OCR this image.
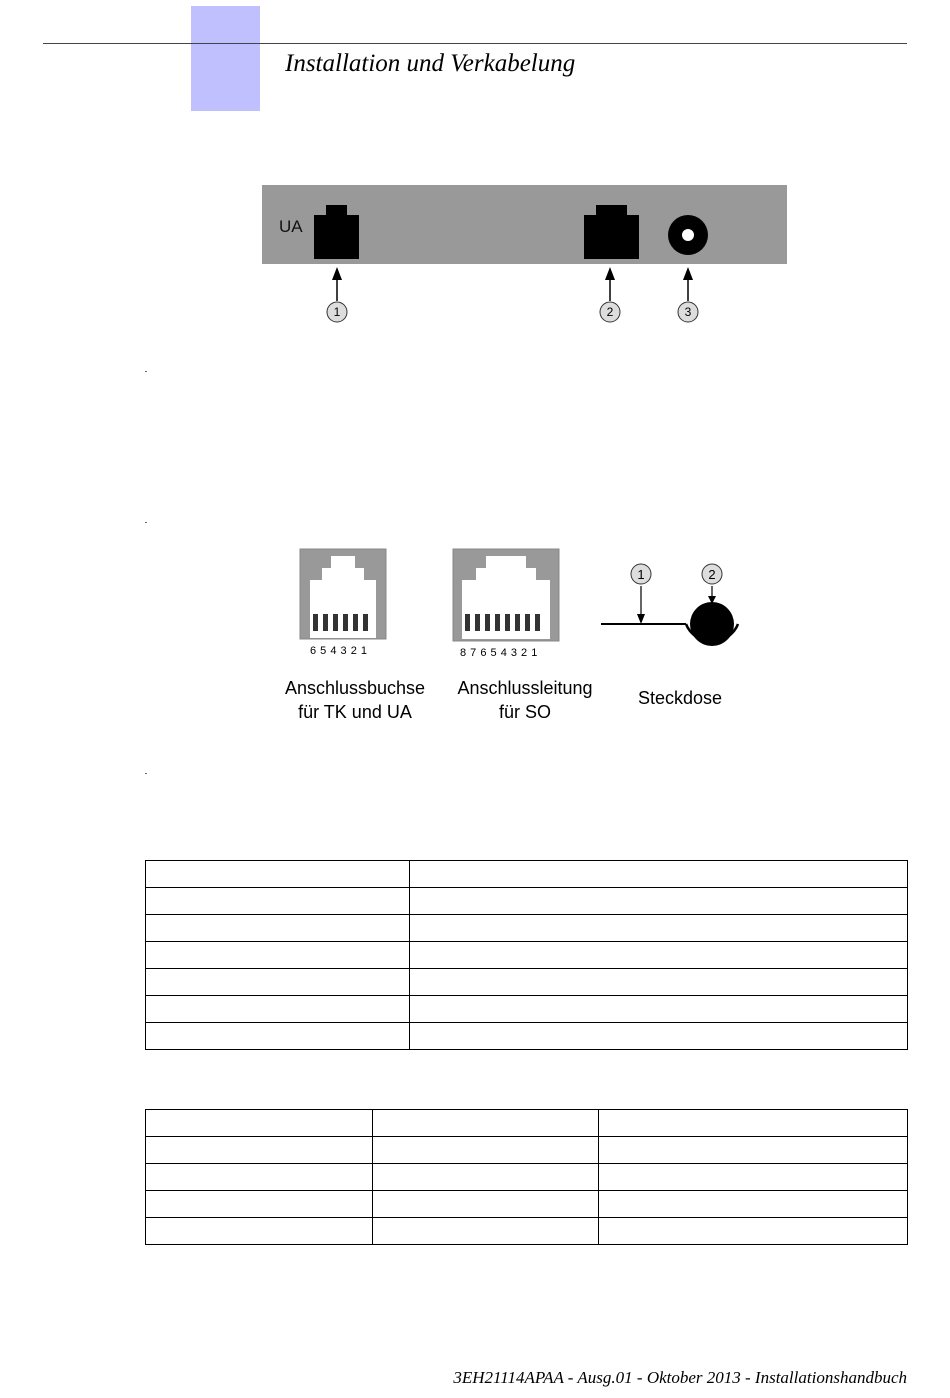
Installation und Verkabelung
UA
1	2	3
1	2
6 5 4 3 2 1	8 7 6 5 4 3 2 1
Anschlussbuchse
für TK und UA
Anschlussleitung
für SO
Steckdose

3EH21114APAA - Ausg.01 - Oktober 2013 - Installationshandbuch
